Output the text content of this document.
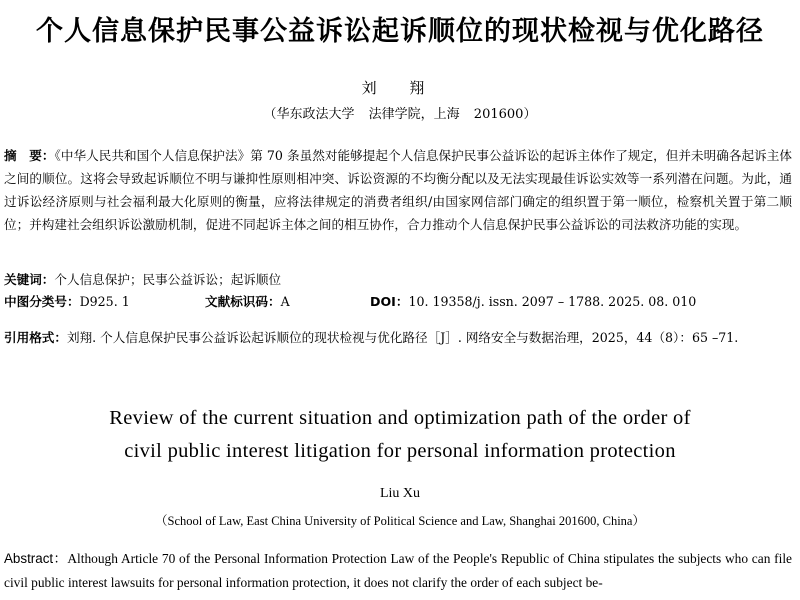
个人信息保护民事公益诉讼起诉顺位的现状检视与优化路径
刘 翔
（华东政法大学 法律学院，上海 201600）
摘　要：《中华人民共和国个人信息保护法》第 70 条虽然对能够提起个人信息保护民事公益诉讼的起诉主体作了规定，但并未明确各起诉主体之间的顺位。这将会导致起诉顺位不明与谦抑性原则相冲突、诉讼资源的不均衡分配以及无法实现最佳诉讼实效等一系列潜在问题。为此，通过诉讼经济原则与社会福利最大化原则的衡量，应将法律规定的消费者组织/由国家网信部门确定的组织置于第一顺位，检察机关置于第二顺位；并构建社会组织诉讼激励机制，促进不同起诉主体之间的相互协作，合力推动个人信息保护民事公益诉讼的司法救济功能的实现。
关键词：个人信息保护；民事公益诉讼；起诉顺位
中图分类号：D925. 1	文献标识码：A	DOI：10. 19358/j. issn. 2097 – 1788. 2025. 08. 010
引用格式：刘翔. 个人信息保护民事公益诉讼起诉顺位的现状检视与优化路径［J］. 网络安全与数据治理，2025，44（8）：65 –71.
Review of the current situation and optimization path of the order of
civil public interest litigation for personal information protection
Liu Xu
（School of Law, East China University of Political Science and Law, Shanghai 201600, China）
Abstract：Although Article 70 of the Personal Information Protection Law of the People's Republic of China stipulates the subjects who can file civil public interest lawsuits for personal information protection, it does not clarify the order of each subject be-
